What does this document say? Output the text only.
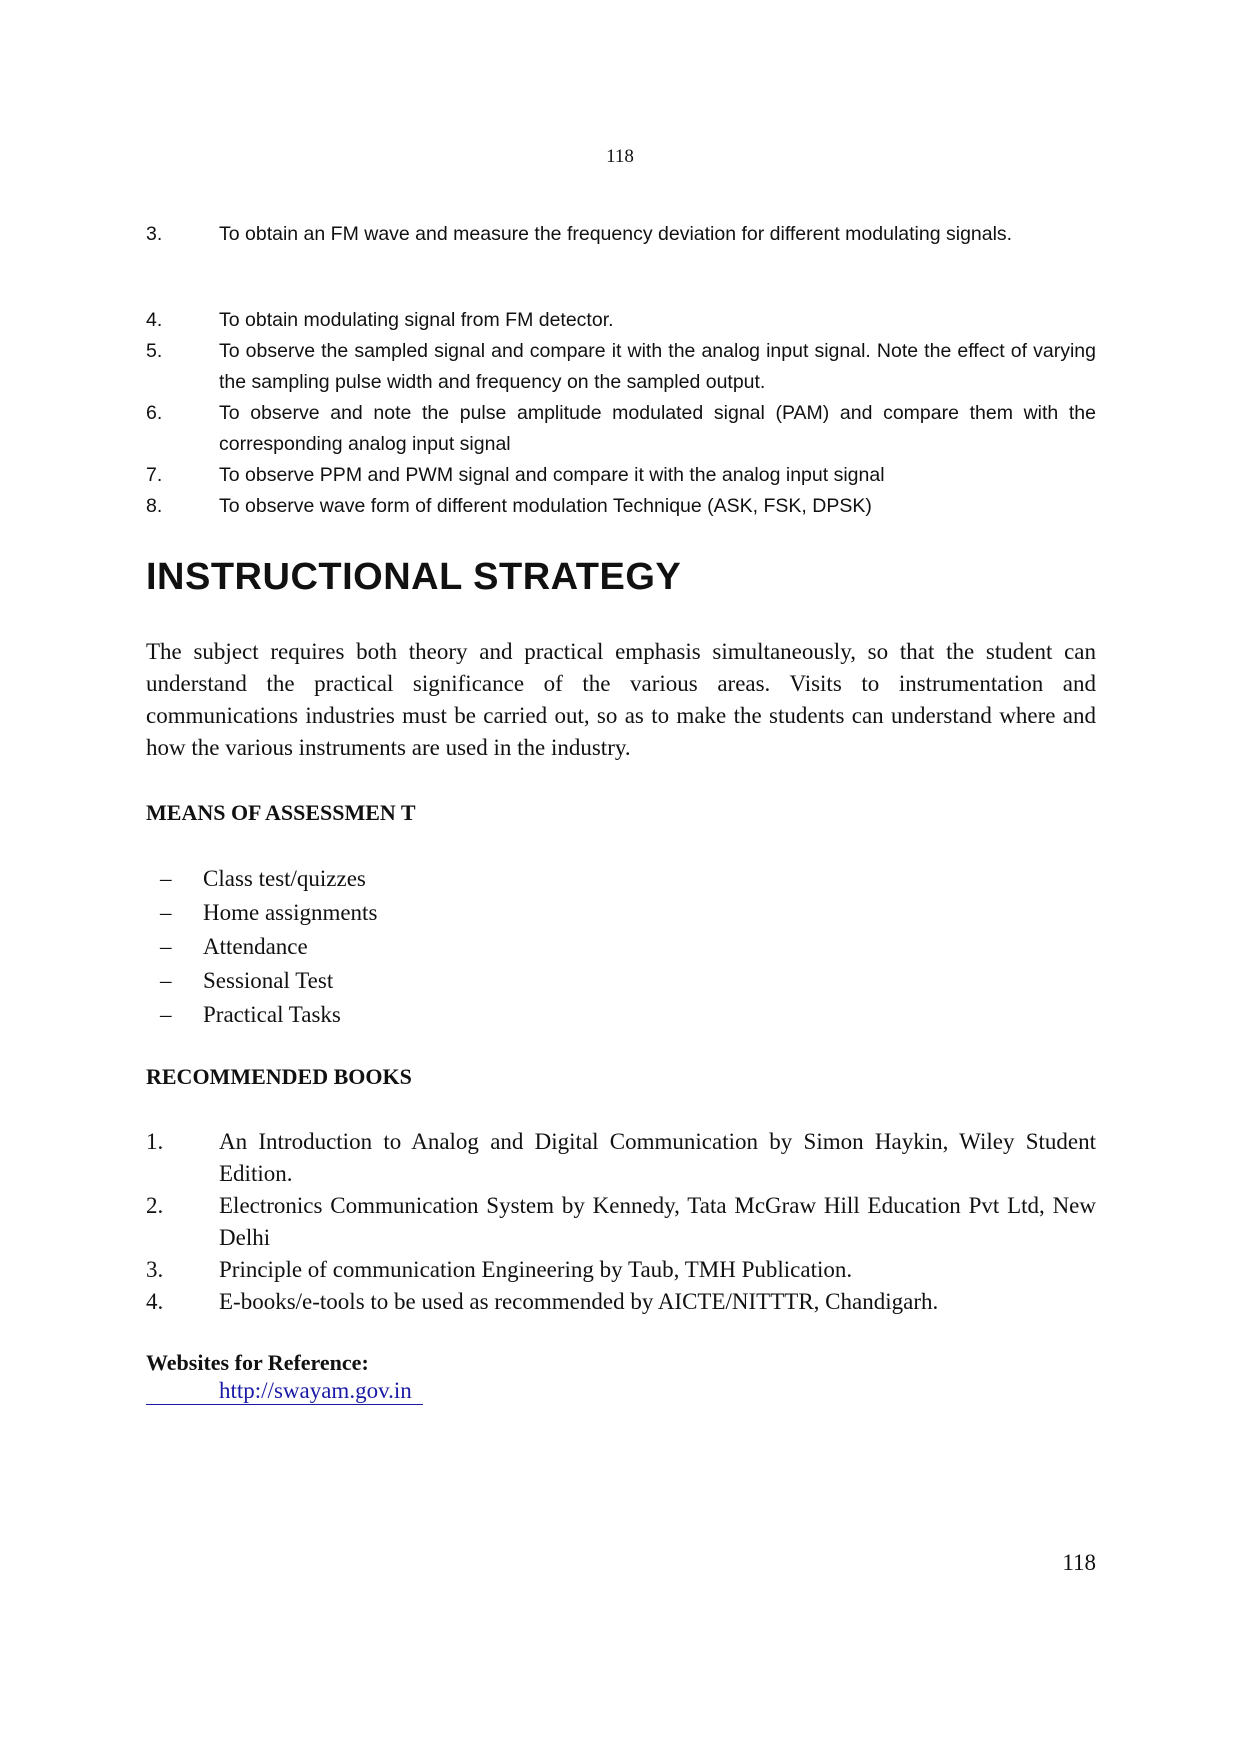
118
3.	To obtain an FM wave and measure the frequency deviation for different modulating signals.
4.	To obtain modulating signal from FM detector.
5.	To observe the sampled signal and compare it with the analog input signal. Note the effect of varying the sampling pulse width and frequency on the sampled output.
6.	To observe and note the pulse amplitude modulated signal (PAM) and compare them with the corresponding analog input signal
7.	To observe PPM and PWM signal and compare it with the analog input signal
8.	To observe wave form of different modulation Technique (ASK, FSK, DPSK)
INSTRUCTIONAL STRATEGY

The subject requires both theory and practical emphasis simultaneously, so that the student can understand the practical significance of the various areas. Visits to instrumentation and communications industries must be carried out, so as to make the students can understand where and how the various instruments are used in the industry.

MEANS OF ASSESSMEN T
–	Class test/quizzes
–	Home assignments
–	Attendance
–	Sessional Test
–	Practical Tasks
RECOMMENDED BOOKS
1.	An Introduction to Analog and Digital Communication by Simon Haykin, Wiley Student Edition.
2.	Electronics Communication System by Kennedy, Tata McGraw Hill Education Pvt Ltd, New Delhi
3.	Principle of communication Engineering by Taub, TMH Publication.
4.	E-books/e-tools to be used as recommended by AICTE/NITTTR, Chandigarh.
Websites for Reference:
http://swayam.gov.in
118
